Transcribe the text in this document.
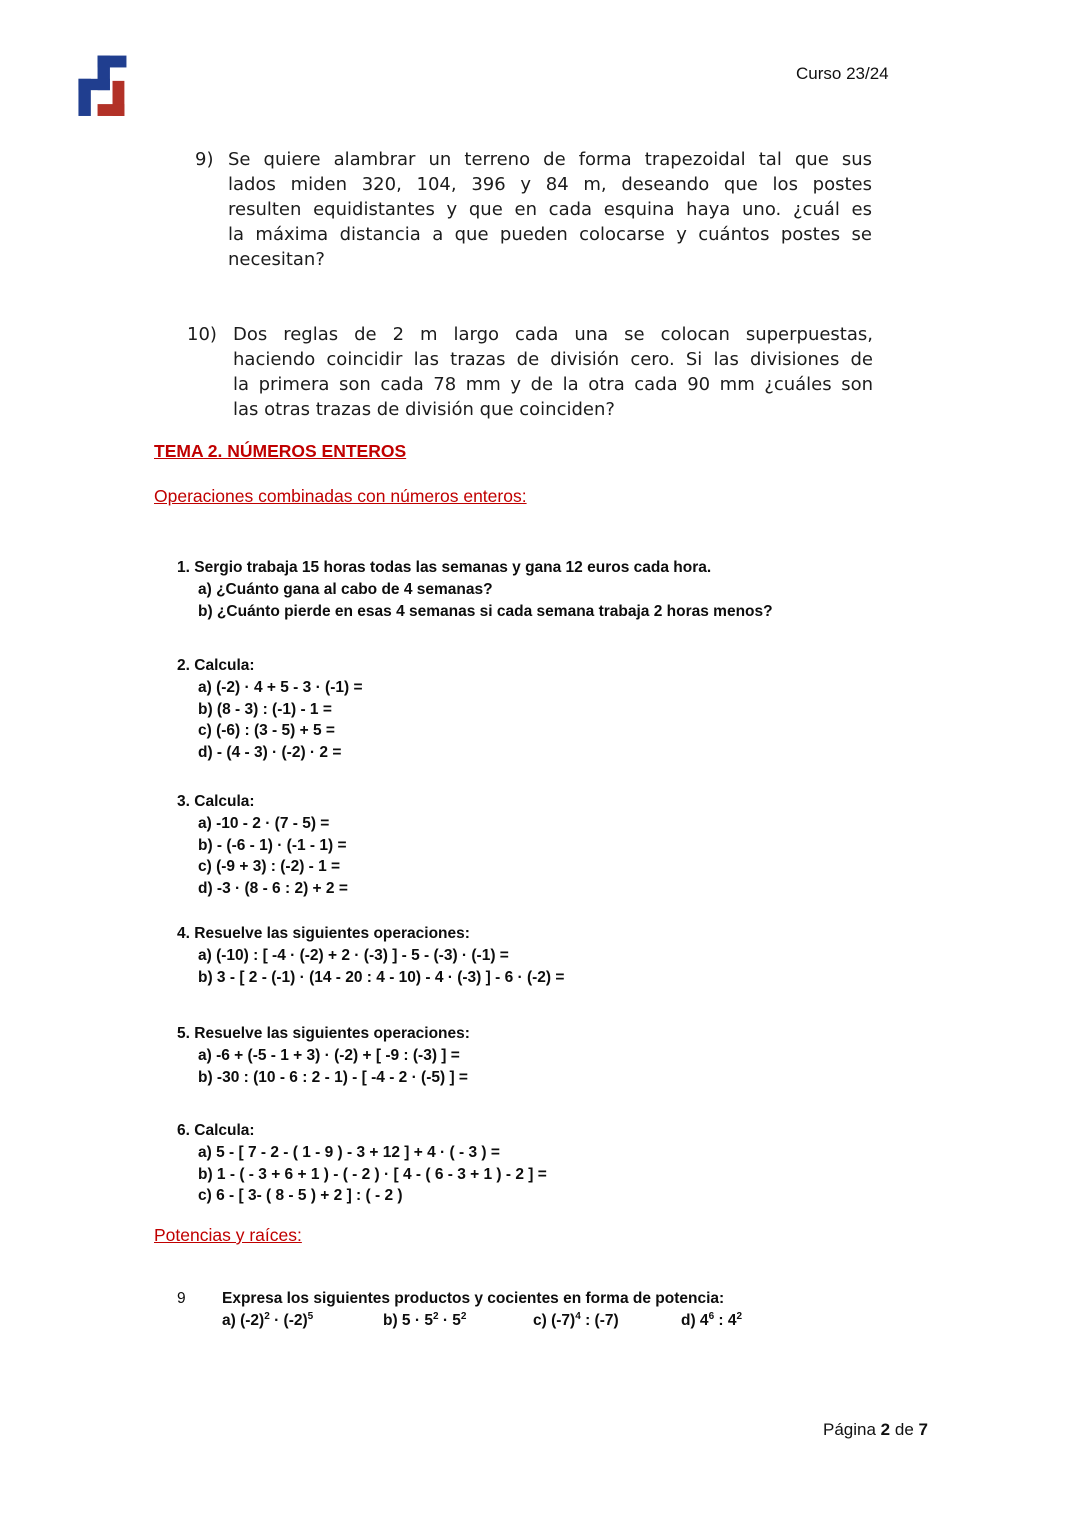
Curso 23/24
9) Se quiere alambrar un terreno de forma trapezoidal tal que sus
lados miden 320, 104, 396 y 84 m, deseando que los postes
resulten equidistantes y que en cada esquina haya uno. ¿cuál es
la máxima distancia a que pueden colocarse y cuántos postes se
necesitan?
10) Dos reglas de 2 m largo cada una se colocan superpuestas,
haciendo coincidir las trazas de división cero. Si las divisiones de
la primera son cada 78 mm y de la otra cada 90 mm ¿cuáles son
las otras trazas de división que coinciden?
TEMA 2. NÚMEROS ENTEROS
Operaciones combinadas con números enteros:
1. Sergio trabaja 15 horas todas las semanas y gana 12 euros cada hora.
a) ¿Cuánto gana al cabo de 4 semanas?
b) ¿Cuánto pierde en esas 4 semanas si cada semana trabaja 2 horas menos?
2. Calcula:
a) (-2) · 4 + 5 - 3 · (-1) =
b) (8 - 3) : (-1) - 1 =
c) (-6) : (3 - 5) + 5 =
d) - (4 - 3) · (-2) · 2 =
3. Calcula:
a) -10 - 2 · (7 - 5) =
b) - (-6 - 1) · (-1 - 1) =
c) (-9 + 3) : (-2) - 1 =
d) -3 · (8 - 6 : 2) + 2 =
4. Resuelve las siguientes operaciones:
a) (-10) : [ -4 · (-2) + 2 · (-3) ] - 5 - (-3) · (-1) =
b) 3 - [ 2 - (-1) · (14 - 20 : 4 - 10) - 4 · (-3) ] - 6 · (-2) =
5. Resuelve las siguientes operaciones:
a) -6 + (-5 - 1 + 3) · (-2) + [ -9 : (-3) ] =
b) -30 : (10 - 6 : 2 - 1) - [ -4 - 2 · (-5) ] =
6. Calcula:
a) 5 - [ 7 - 2 - ( 1 - 9 ) - 3 + 12 ] + 4 · ( - 3 ) =
b) 1 - ( - 3 + 6 + 1 ) - ( - 2 ) · [ 4 - ( 6 - 3 + 1 ) - 2 ] =
c) 6 - [ 3- ( 8 - 5 ) + 2 ] : ( - 2 )
Potencias y raíces:
9	Expresa los siguientes productos y cocientes en forma de potencia:
a) $(-2)^2 \cdot (-2)^5$	b) $5 \cdot 5^2 \cdot 5^2$	c) $(-7)^4$ : (-7)	d) $4^6$ : $4^2$
Página 2 de 7
